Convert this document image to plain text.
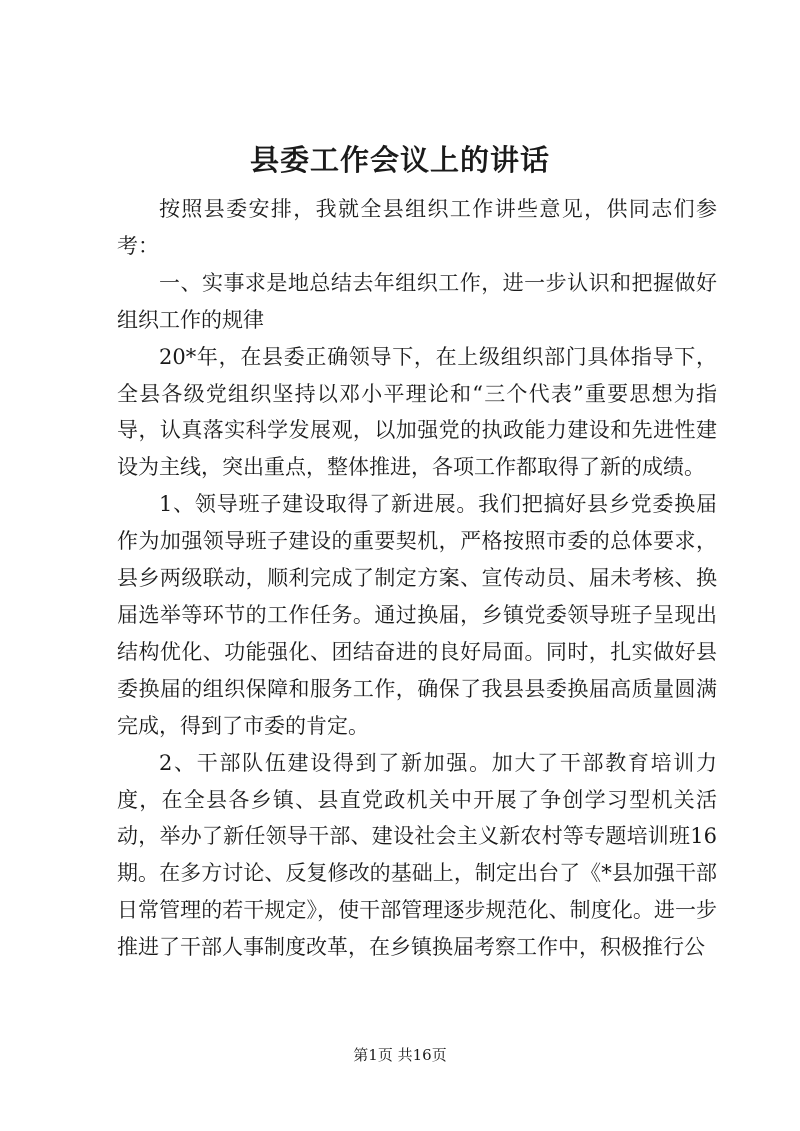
县委工作会议上的讲话

按照县委安排，我就全县组织工作讲些意见，供同志们参考：

一、实事求是地总结去年组织工作，进一步认识和把握做好组织工作的规律

20*年，在县委正确领导下，在上级组织部门具体指导下，全县各级党组织坚持以邓小平理论和“三个代表”重要思想为指导，认真落实科学发展观，以加强党的执政能力建设和先进性建设为主线，突出重点，整体推进，各项工作都取得了新的成绩。

1、领导班子建设取得了新进展。我们把搞好县乡党委换届作为加强领导班子建设的重要契机，严格按照市委的总体要求，县乡两级联动，顺利完成了制定方案、宣传动员、届未考核、换届选举等环节的工作任务。通过换届，乡镇党委领导班子呈现出结构优化、功能强化、团结奋进的良好局面。同时，扎实做好县委换届的组织保障和服务工作，确保了我县县委换届高质量圆满完成，得到了市委的肯定。

2、干部队伍建设得到了新加强。加大了干部教育培训力度，在全县各乡镇、县直党政机关中开展了争创学习型机关活动，举办了新任领导干部、建设社会主义新农村等专题培训班16期。在多方讨论、反复修改的基础上，制定出台了《*县加强干部日常管理的若干规定》，使干部管理逐步规范化、制度化。进一步推进了干部人事制度改革，在乡镇换届考察工作中，积极推行公

第1页 共16页
